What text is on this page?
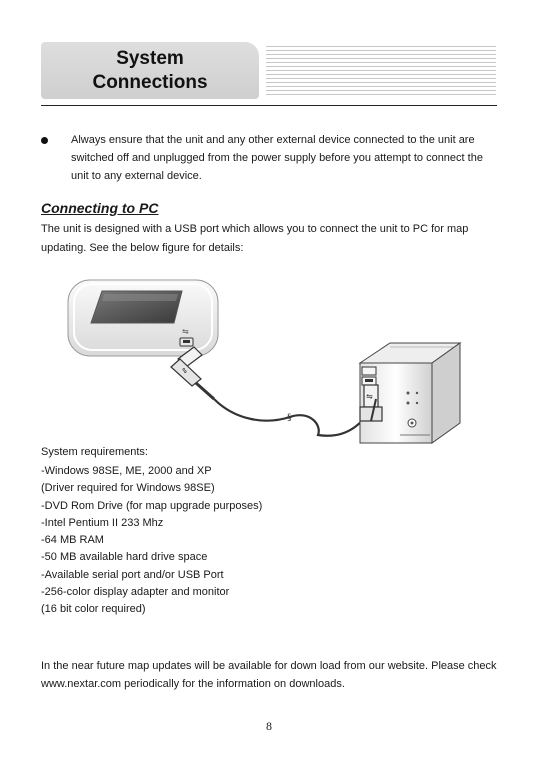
System
Connections

Always ensure that the unit and any other external device connected to the unit are switched off and unplugged from the power supply before you attempt to connect the unit to any external device.

Connecting to PC

The unit is designed with a USB port which allows you to connect the unit to PC for map updating. See the below figure for details:

⇋
⇋
§
⇋

System requirements:

-Windows 98SE, ME, 2000 and XP
(Driver required for Windows 98SE)
-DVD Rom Drive (for map upgrade purposes)
-Intel Pentium II 233 Mhz
-64 MB RAM
-50 MB available hard drive space
-Available serial port and/or USB Port
-256-color display adapter and monitor
(16 bit color required)

In the near future map updates will be available for down load from our website. Please check www.nextar.com periodically for the information on downloads.

8
